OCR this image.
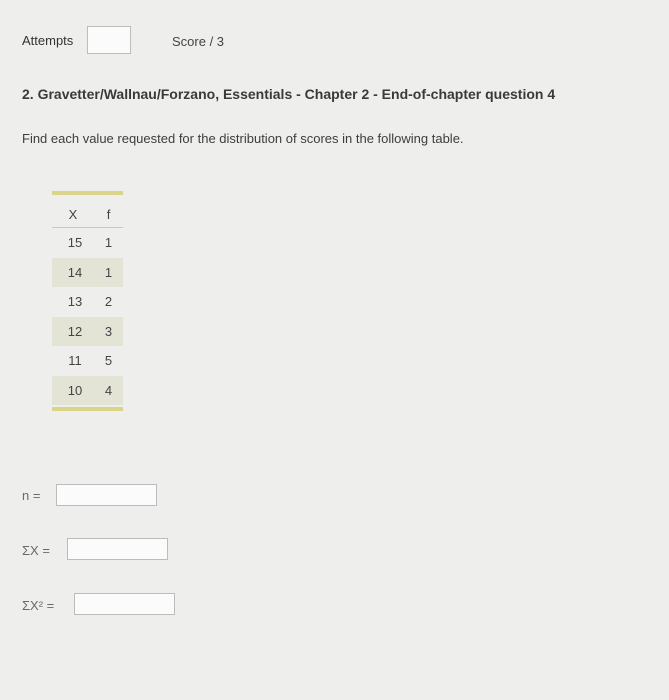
Attempts	Score / 3
2. Gravetter/Wallnau/Forzano, Essentials - Chapter 2 - End-of-chapter question 4
Find each value requested for the distribution of scores in the following table.
X	f
15	1
14	1
13	2
12	3
11	5
10	4
n =
ΣX =
ΣX² =
